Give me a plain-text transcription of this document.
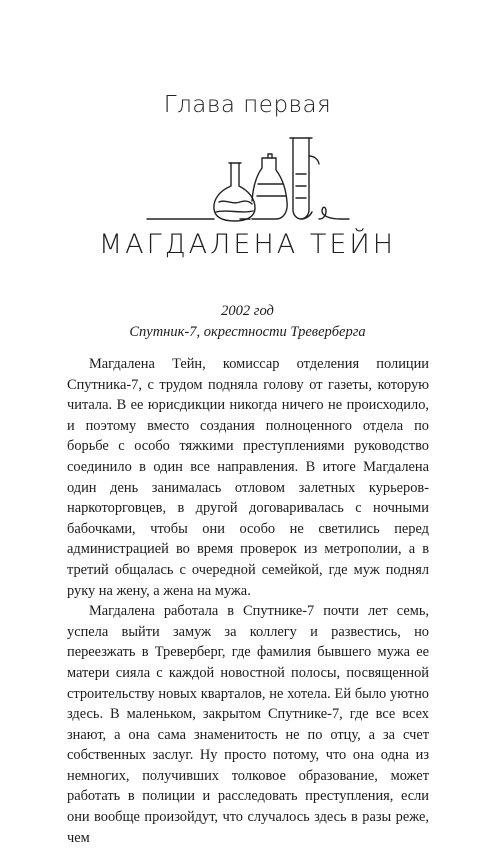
Глава первая
МАГДАЛЕНА ТЕЙН
2002 год
Спутник-7, окрестности Треверберга

Магдалена Тейн, комиссар отделения полиции Спутника-7, с трудом подняла голову от газеты, которую читала. В ее юрисдикции никогда ничего не происходило, и поэтому вместо создания полноценного отдела по борьбе с особо тяжкими преступлениями руководство соединило в один все направления. В итоге Магдалена один день занималась отловом залетных курьеров-наркоторговцев, в другой договаривалась с ночными бабочками, чтобы они особо не светились перед администрацией во время проверок из метрополии, а в третий общалась с очередной семейкой, где муж поднял руку на жену, а жена на мужа.

Магдалена работала в Спутнике-7 почти лет семь, успела выйти замуж за коллегу и развестись, но переезжать в Треверберг, где фамилия бывшего мужа ее матери сияла с каждой новостной полосы, посвященной строительству новых кварталов, не хотела. Ей было уютно здесь. В маленьком, закрытом Спутнике-7, где все всех знают, а она сама знаменитость не по отцу, а за счет собственных заслуг. Ну просто потому, что она одна из немногих, получивших толковое образование, может работать в полиции и расследовать преступления, если они вообще произойдут, что случалось здесь в разы реже, чем
